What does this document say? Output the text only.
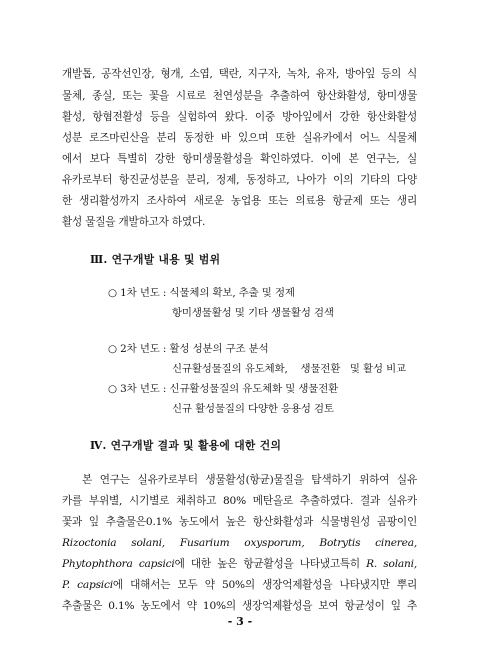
개발톱, 공작선인장, 형개, 소엽, 택란, 지구자, 녹차, 유자, 방아잎 등의 식
물체, 종실, 또는 꽃을 시료로 천연성분을 추출하여 항산화활성, 항미생물
활성, 항혐전활성 등을 실험하여 왔다. 이중 방아잎에서 강한 항산화활성
성분 로즈마린산을 분리 동정한 바 있으며 또한 실유카에서 어느 식물체
에서 보다 특별히 강한 항미생물활성을 확인하였다. 이에 본 연구는, 실
유카로부터 항진균성분을 분리, 정제, 동정하고, 나아가 이의 기타의 다양
한 생리활성까지 조사하여 새로운 농업용 또는 의료용 항균제 또는 생리
활성 물질을 개발하고자 하였다.
Ⅲ. 연구개발 내용 및 범위
○ 1차 년도 : 식물체의 확보, 추출 및 정제
항미생물활성 및 기타 생물활성 검색
○ 2차 년도 : 활성 성분의 구조 분석
신규활성물질의 유도체화,    생물전환   및 활성 비교
○ 3차 년도 : 신규활성물질의 유도체화 및 생물전환
신규 활성물질의 다양한 응용성 검토
Ⅳ. 연구개발 결과 및 활용에 대한 건의
본 연구는 실유카로부터 생물활성(항균)물질을 탐색하기 위하여 실유
카를 부위별, 시기별로 채취하고 80% 메탄올로 추출하였다. 결과 실유카
꽃과 잎 추출물은0.1% 농도에서 높은 항산화활성과 식물병원성 곰팡이인
Rizoctonia solani, Fusarium oxysporum, Botrytis cinerea,
Phytophthora capsici에 대한 높은 항균활성을 나타냈고특히 R. solani,
P. capsici에 대해서는 모두 약 50%의 생장억제활성을 나타냈지만 뿌리
추출물은 0.1% 농도에서 약 10%의 생장억제활성을 보여 항균성이 잎 추
- 3 -
